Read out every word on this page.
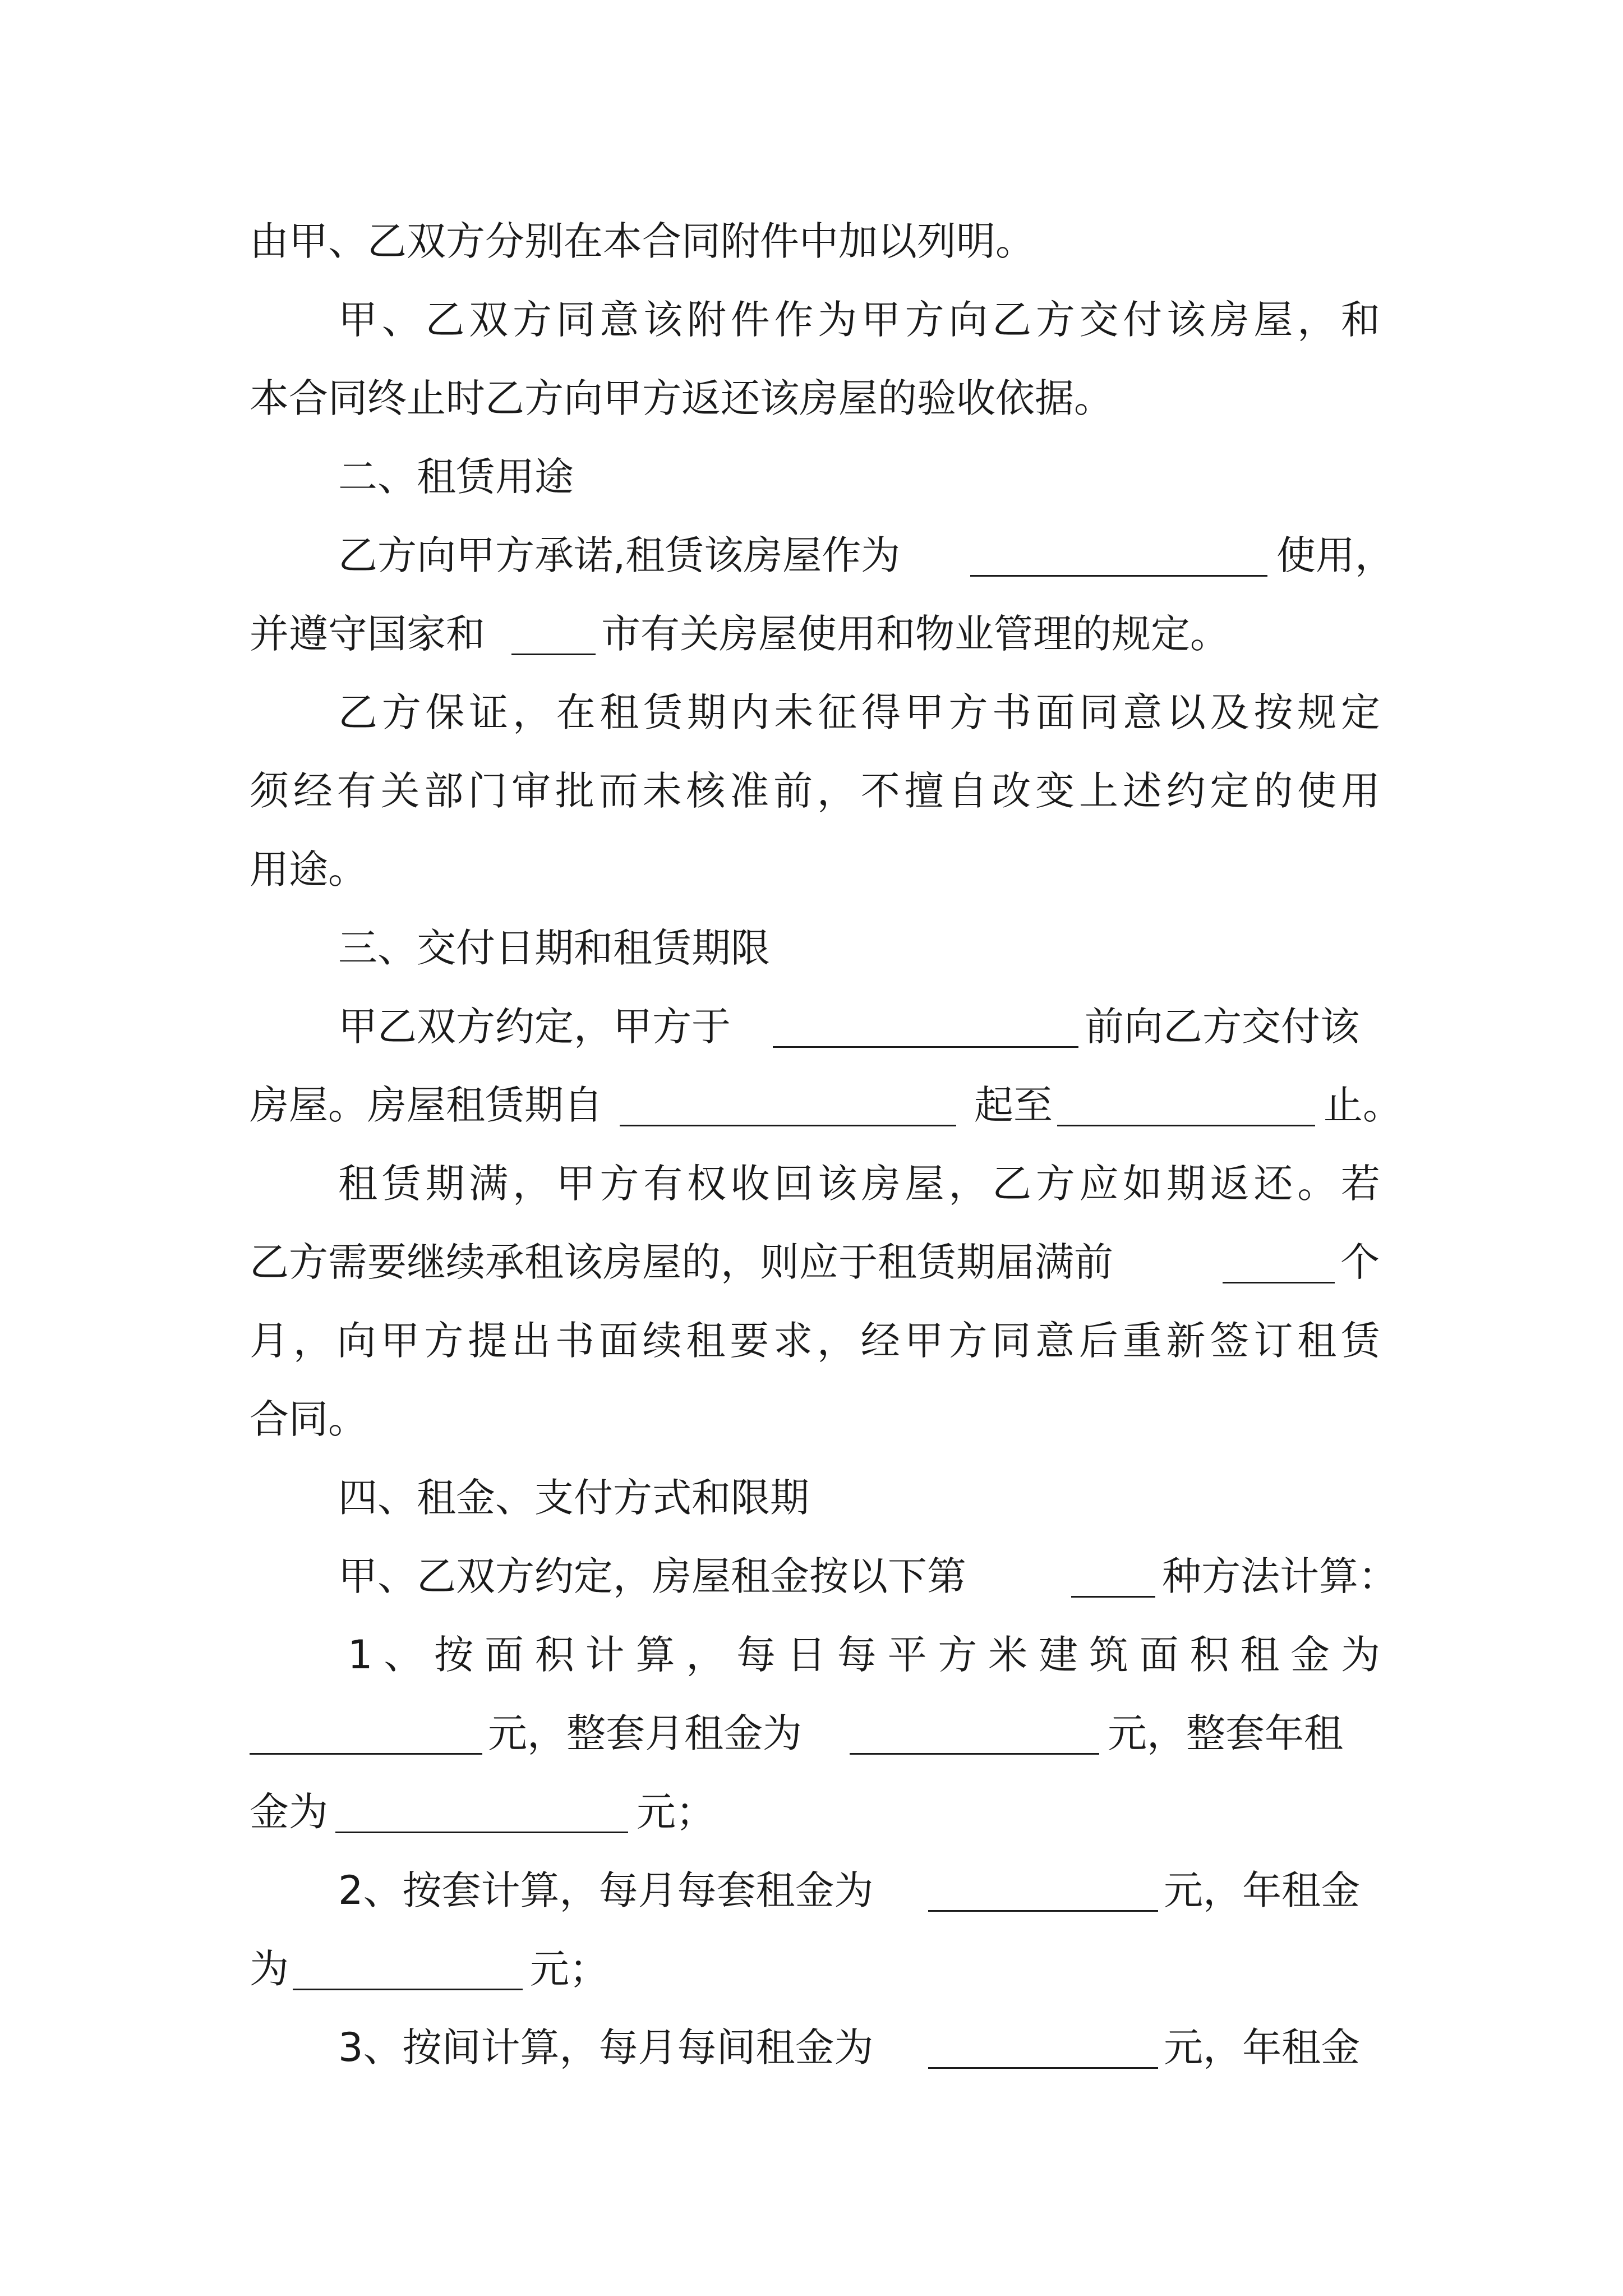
由甲、乙双方分别在本合同附件中加以列明。
甲、乙双方同意该附件作为甲方向乙方交付该房屋，和
本合同终止时乙方向甲方返还该房屋的验收依据。
二、租赁用途
乙方向甲方承诺,租赁该房屋作为	使用，
并遵守国家和	市有关房屋使用和物业管理的规定。
乙方保证，在租赁期内未征得甲方书面同意以及按规定
须经有关部门审批而未核准前，不擅自改变上述约定的使用
用途。
三、交付日期和租赁期限
甲乙双方约定，甲方于	前向乙方交付该
房屋。房屋租赁期自	起至	止。
租赁期满，甲方有权收回该房屋，乙方应如期返还。若
乙方需要继续承租该房屋的，则应于租赁期届满前	个
月，向甲方提出书面续租要求，经甲方同意后重新签订租赁
合同。
四、租金、支付方式和限期
甲、乙双方约定，房屋租金按以下第	种方法计算：
1、按面积计算，每日每平方米建筑面积租金为
元，整套月租金为	元，整套年租
金为	元；
2、按套计算，每月每套租金为	元，年租金
为	元；
3、按间计算，每月每间租金为	元，年租金
